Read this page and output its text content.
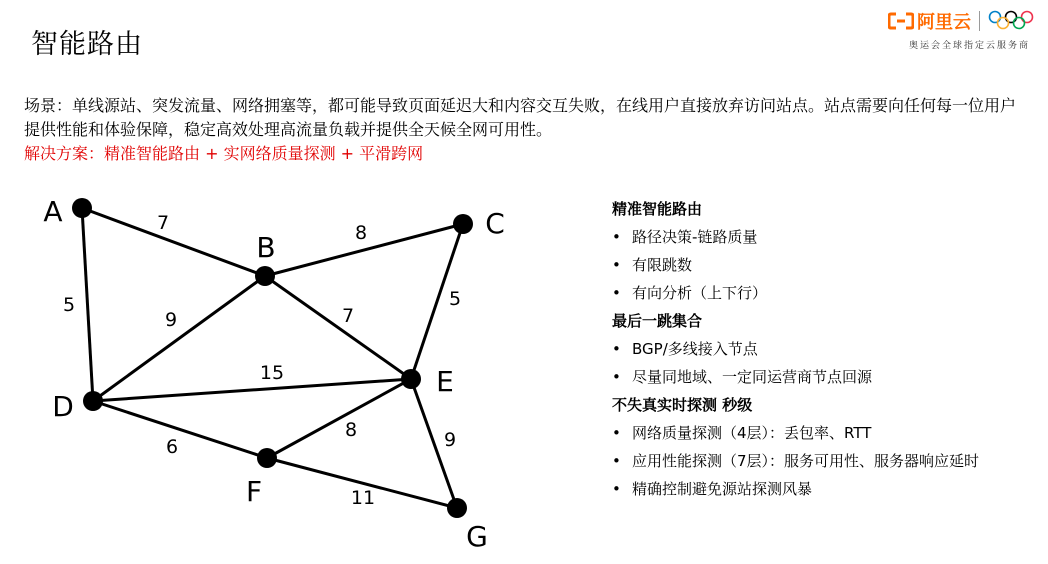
智能路由
阿里云
奥运会全球指定云服务商

场景：单线源站、突发流量、网络拥塞等，都可能导致页面延迟大和内容交互失败，在线用户直接放弃访问站点。站点需要向任何每一位用户提供性能和体验保障，稳定高效处理高流量负载并提供全天候全网可用性。

解决方案：精准智能路由 + 实网络质量探测 + 平滑跨网

7	8
5
9	7
5
15
6
8	9
11
A
B
C
D
E
F
G
精准智能路由
• 路径决策-链路质量
• 有限跳数
• 有向分析（上下行）
最后一跳集合
• BGP/多线接入节点
• 尽量同地域、一定同运营商节点回源
不失真实时探测 秒级
• 网络质量探测（4层）：丢包率、RTT
• 应用性能探测（7层）：服务可用性、服务器响应延时
• 精确控制避免源站探测风暴
